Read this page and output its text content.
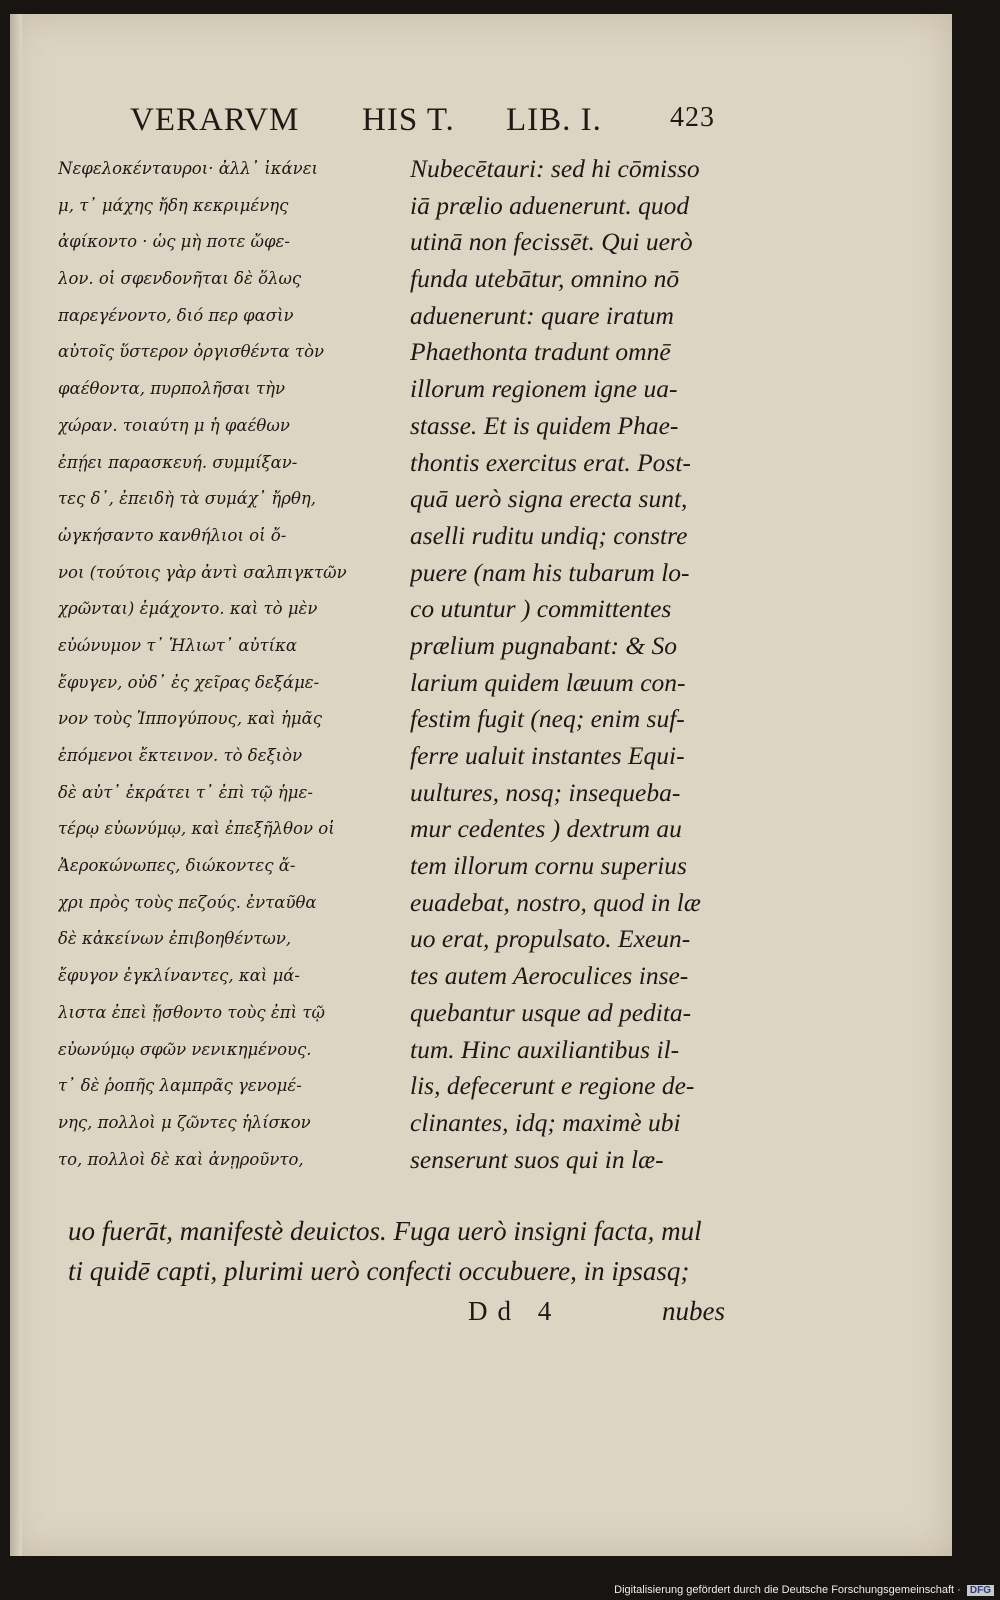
VERARVM HIS T. LIB. I. 423
Νεφελοκένταυροι· ἀλλ᾽ ἱκάνει
μ, τ᾽ μάχης ἤδη κεκριμένης
ἀφίκοντο · ὡς μὴ ποτε ὤφε-
λον. οἱ σφενδονῆται δὲ ὅλως
παρεγένοντο, διό περ φασὶν
αὐτοῖς ὕστερον ὀργισθέντα τὸν
φαέθοντα, πυρπολῆσαι τὴν
χώραν. τοιαύτη μ ἡ φαέθων
ἐπῄει παρασκευή. συμμίξαν-
τες δ᾽, ἐπειδὴ τὰ συμάχ᾽ ἤρθη,
ὠγκήσαντο κανθήλιοι οἱ ὄ-
νοι (τούτοις γὰρ ἀντὶ σαλπιγκτῶν
χρῶνται) ἐμάχοντο. καὶ τὸ μὲν
εὐώνυμον τ᾽ Ἡλιωτ᾽ αὐτίκα
ἔφυγεν, οὐδ᾽ ἐς χεῖρας δεξάμε-
νον τοὺς Ἱππογύπους, καὶ ἡμᾶς
ἑπόμενοι ἔκτεινον. τὸ δεξιὸν
δὲ αὐτ᾽ ἐκράτει τ᾽ ἐπὶ τῷ ἡμε-
τέρῳ εὐωνύμῳ, καὶ ἐπεξῆλθον οἱ
Ἀεροκώνωπες, διώκοντες ἄ-
χρι πρὸς τοὺς πεζούς. ἐνταῦθα
δὲ κἀκείνων ἐπιβοηθέντων,
ἔφυγον ἐγκλίναντες, καὶ μά-
λιστα ἐπεὶ ᾔσθοντο τοὺς ἐπὶ τῷ
εὐωνύμῳ σφῶν νενικημένους.
τ᾽ δὲ ῥοπῆς λαμπρᾶς γενομέ-
νης, πολλοὶ μ ζῶντες ἡλίσκον
το, πολλοὶ δὲ καὶ ἀνῃροῦντο,
Nubecētauri: sed hi cōmisso
iā prælio aduenerunt. quod
utinā non fecissēt. Qui uerò
funda utebātur, omnino nō
aduenerunt: quare iratum
Phaethonta tradunt omnē
illorum regionem igne ua-
stasse. Et is quidem Phae-
thontis exercitus erat. Post-
quā uerò signa erecta sunt,
aselli ruditu undiq; constre
puere (nam his tubarum lo-
co utuntur ) committentes
prælium pugnabant: & So
larium quidem læuum con-
festim fugit (neq; enim suf-
ferre ualuit instantes Equi-
uultures, nosq; insequeba-
mur cedentes ) dextrum au
tem illorum cornu superius
euadebat, nostro, quod in læ
uo erat, propulsato. Exeun-
tes autem Aeroculices inse-
quebantur usque ad pedita-
tum. Hinc auxiliantibus il-
lis, defecerunt e regione de-
clinantes, idq; maximè ubi
senserunt suos qui in læ-
uo fuerāt, manifestè deuictos. Fuga uerò insigni facta, mul
ti quidē capti, plurimi uerò confecti occubuere, in ipsasq;
Dd 4	nubes
Digitalisierung gefördert durch die Deutsche Forschungsgemeinschaft · DFG
